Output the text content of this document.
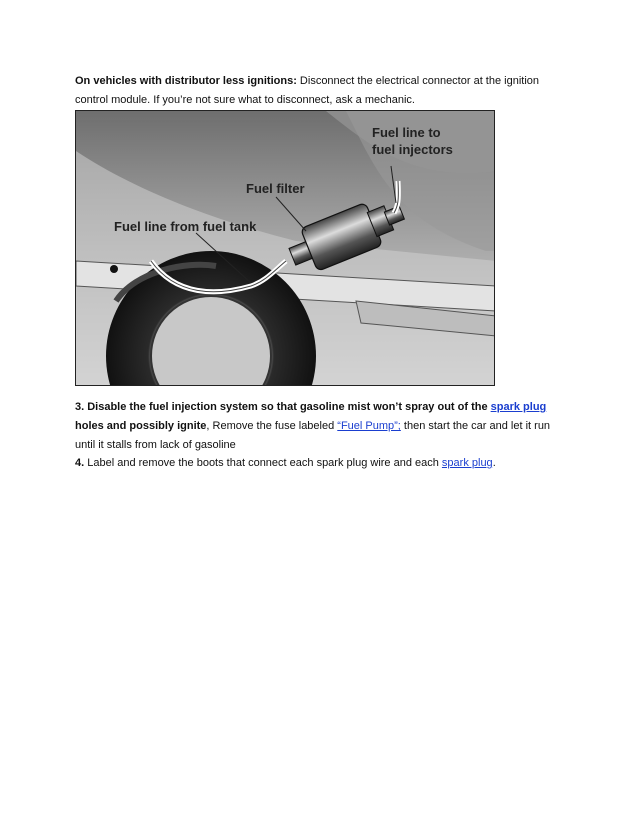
On vehicles with distributor less ignitions: Disconnect the electrical connector at the ignition control module. If you’re not sure what to disconnect, ask a mechanic.

Fuel line to
fuel injectors
Fuel filter
Fuel line from fuel tank

3. Disable the fuel injection system so that gasoline mist won’t spray out of the spark plug holes and possibly ignite, Remove the fuse labeled “Fuel Pump”; then start the car and let it run until it stalls from lack of gasoline

4. Label and remove the boots that connect each spark plug wire and each spark plug.
